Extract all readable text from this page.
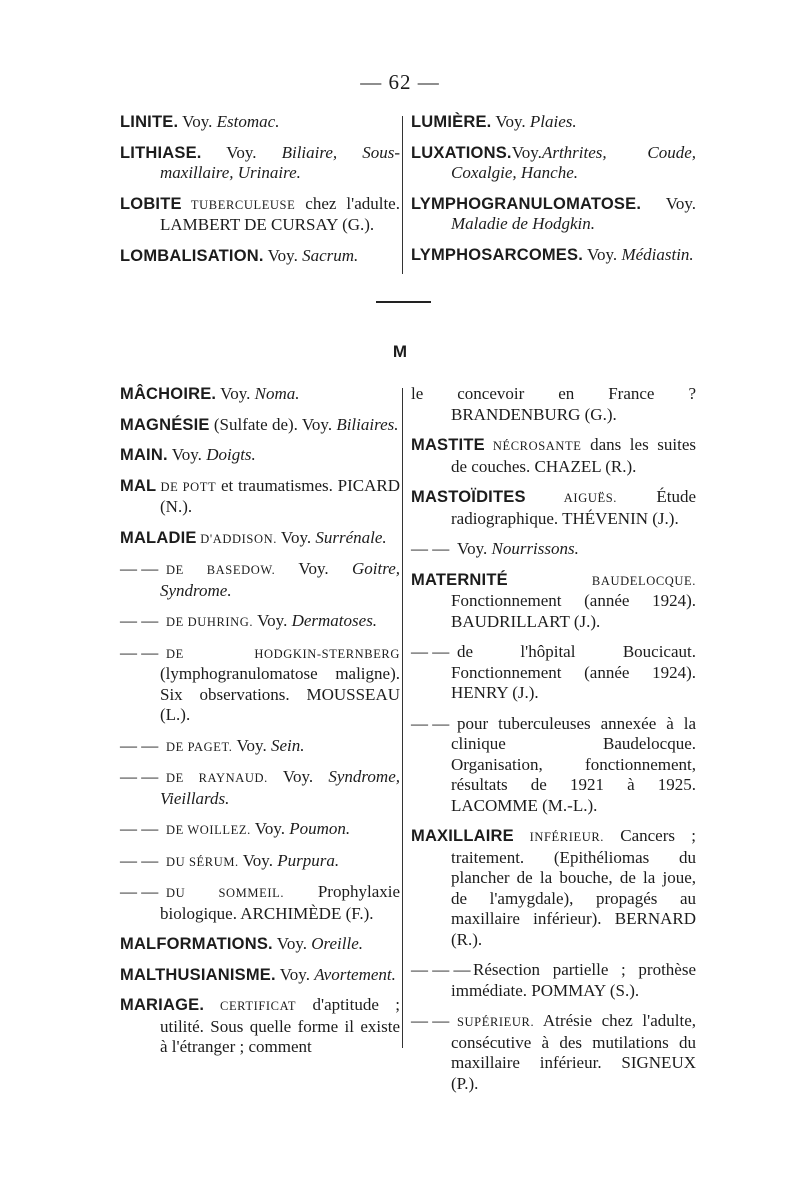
— 62 —

LINITE. Voy. Estomac.

LITHIASE. Voy. Biliaire, Sous-maxillaire, Urinaire.

LOBITE TUBERCULEUSE chez l'adulte. LAMBERT DE CURSAY (G.).

LOMBALISATION. Voy. Sacrum.

LUMIÈRE. Voy. Plaies.

LUXATIONS.Voy.Arthrites, Coude, Coxalgie, Hanche.

LYMPHOGRANULOMATOSE. Voy. Maladie de Hodgkin.

LYMPHOSARCOMES. Voy. Médiastin.

M

MÂCHOIRE. Voy. Noma.

MAGNÉSIE (Sulfate de). Voy. Biliaires.

MAIN. Voy. Doigts.

MAL DE POTT et traumatismes. PICARD (N.).

MALADIE D'ADDISON. Voy. Surrénale.

— — DE BASEDOW. Voy. Goitre, Syndrome.

— — DE DUHRING. Voy. Dermatoses.

— — DE HODGKIN-STERNBERG (lymphogranulomatose maligne). Six observations. MOUSSEAU (L.).

— — DE PAGET. Voy. Sein.

— — DE RAYNAUD. Voy. Syndrome, Vieillards.

— — DE WOILLEZ. Voy. Poumon.

— — DU SÉRUM. Voy. Purpura.

— — DU SOMMEIL. Prophylaxie biologique. ARCHIMÈDE (F.).

MALFORMATIONS. Voy. Oreille.

MALTHUSIANISME. Voy. Avortement.

MARIAGE. CERTIFICAT d'aptitude ; utilité. Sous quelle forme il existe à l'étranger ; comment

le concevoir en France ? BRANDENBURG (G.).

MASTITE NÉCROSANTE dans les suites de couches. CHAZEL (R.).

MASTOÏDITES AIGUËS. Étude radiographique. THÉVENIN (J.).

— — Voy. Nourrissons.

MATERNITÉ BAUDELOCQUE. Fonctionnement (année 1924). BAUDRILLART (J.).

— — de l'hôpital Boucicaut. Fonctionnement (année 1924). HENRY (J.).

— — pour tuberculeuses annexée à la clinique Baudelocque. Organisation, fonctionnement, résultats de 1921 à 1925. LACOMME (M.-L.).

MAXILLAIRE INFÉRIEUR. Cancers ; traitement. (Epithéliomas du plancher de la bouche, de la joue, de l'amygdale), propagés au maxillaire inférieur). BERNARD (R.).

— — — Résection partielle ; prothèse immédiate. POMMAY (S.).

— — SUPÉRIEUR. Atrésie chez l'adulte, consécutive à des mutilations du maxillaire inférieur. SIGNEUX (P.).
